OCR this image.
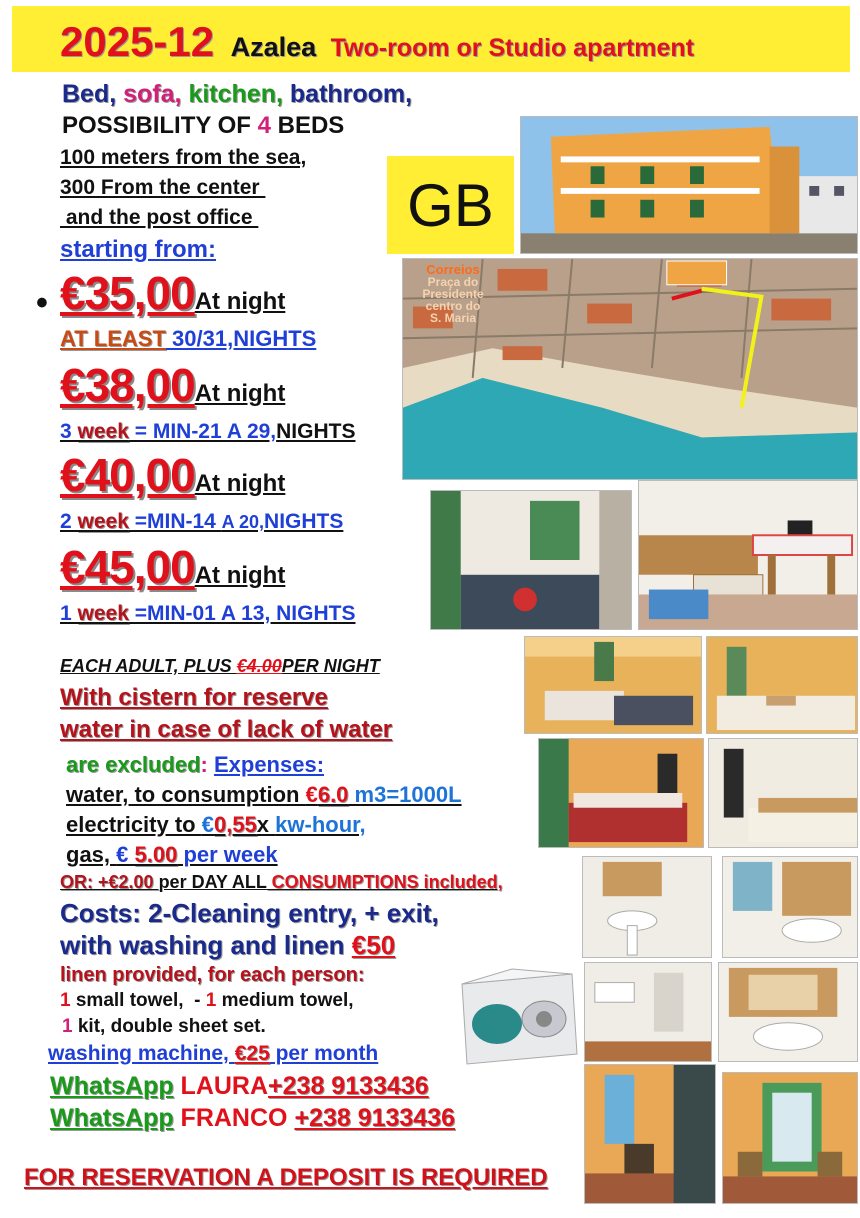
2025-12 Azalea Two-room or Studio apartment
Bed, sofa, kitchen, bathroom,
POSSIBILITY OF 4 BEDS
100 meters from the sea,
300 From the center
and the post office
starting from:
GB
Correios
Praça do
Presidente
centro do
S. Maria
• €35,00At night
AT LEAST 30/31,NIGHTS
€38,00At night
3 week = MIN-21 A 29,NIGHTS
€40,00At night
2 week =MIN-14 A 20,NIGHTS
€45,00At night
1 week =MIN-01 A 13, NIGHTS
EACH ADULT, PLUS €4.00PER NIGHT
With cistern for reserve
water in case of lack of water
are excluded: Expenses:
water, to consumption €6.0 m3=1000L
electricity to €0,55x kw-hour,
gas, € 5.00 per week
OR: +€2.00 per DAY ALL CONSUMPTIONS included,
Costs: 2-Cleaning entry, + exit,
with washing and linen €50
linen provided, for each person:
1 small towel,  - 1 medium towel,
1 kit, double sheet set.
washing machine, €25 per month
WhatsApp LAURA+238 9133436
WhatsApp FRANCO +238 9133436
FOR RESERVATION A DEPOSIT IS REQUIRED
